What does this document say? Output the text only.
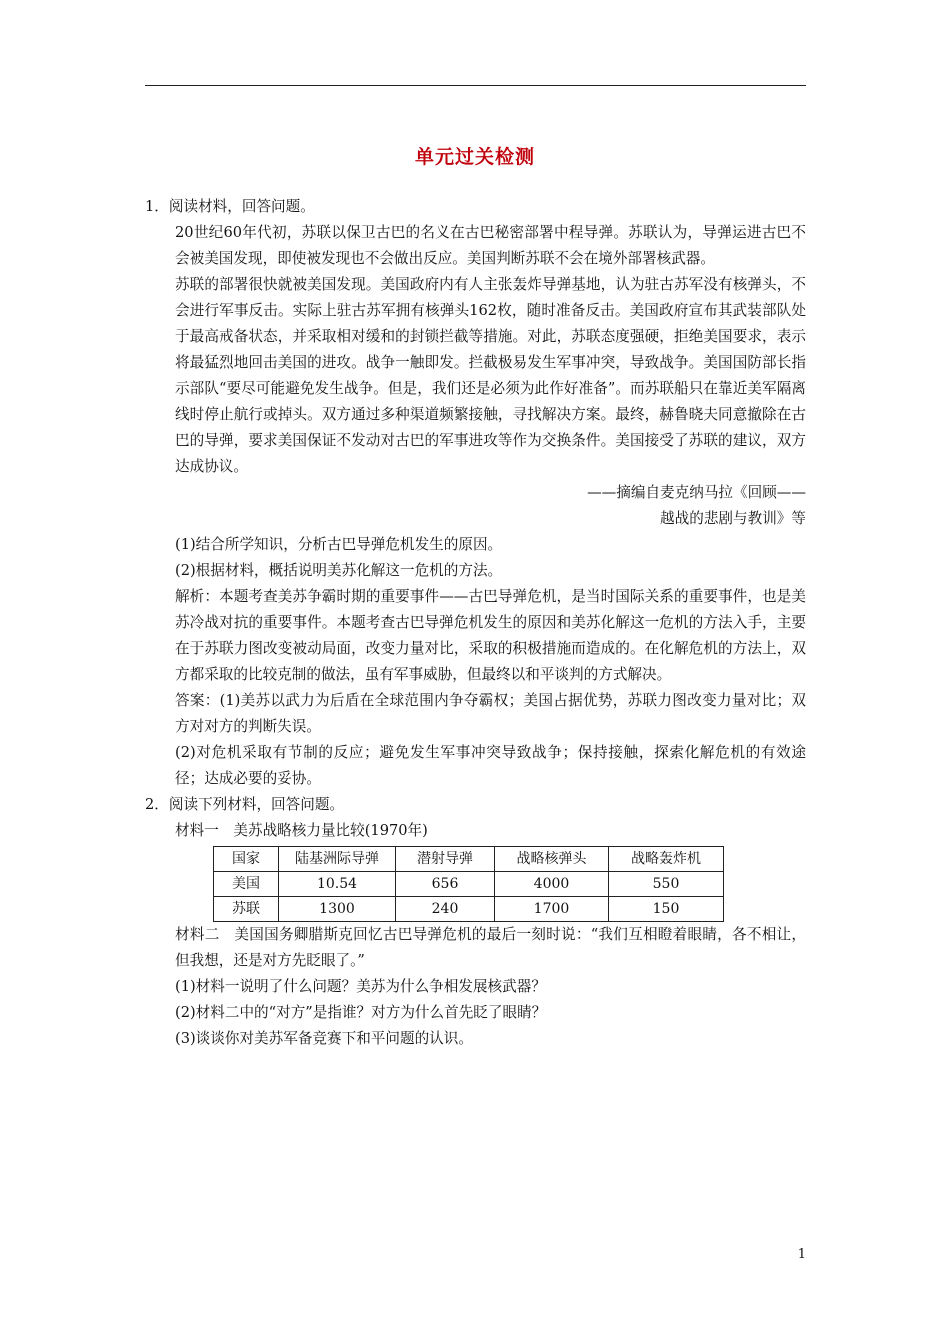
单元过关检测

1．阅读材料，回答问题。

20世纪60年代初，苏联以保卫古巴的名义在古巴秘密部署中程导弹。苏联认为，导弹运进古巴不会被美国发现，即使被发现也不会做出反应。美国判断苏联不会在境外部署核武器。

苏联的部署很快就被美国发现。美国政府内有人主张轰炸导弹基地，认为驻古苏军没有核弹头，不会进行军事反击。实际上驻古苏军拥有核弹头162枚，随时准备反击。美国政府宣布其武装部队处于最高戒备状态，并采取相对缓和的封锁拦截等措施。对此，苏联态度强硬，拒绝美国要求，表示将最猛烈地回击美国的进攻。战争一触即发。拦截极易发生军事冲突，导致战争。美国国防部长指示部队“要尽可能避免发生战争。但是，我们还是必须为此作好准备”。而苏联船只在靠近美军隔离线时停止航行或掉头。双方通过多种渠道频繁接触，寻找解决方案。最终，赫鲁晓夫同意撤除在古巴的导弹，要求美国保证不发动对古巴的军事进攻等作为交换条件。美国接受了苏联的建议，双方达成协议。

——摘编自麦克纳马拉《回顾——

越战的悲剧与教训》等

(1)结合所学知识，分析古巴导弹危机发生的原因。

(2)根据材料，概括说明美苏化解这一危机的方法。

解析：本题考查美苏争霸时期的重要事件——古巴导弹危机，是当时国际关系的重要事件，也是美苏冷战对抗的重要事件。本题考查古巴导弹危机发生的原因和美苏化解这一危机的方法入手，主要在于苏联力图改变被动局面，改变力量对比，采取的积极措施而造成的。在化解危机的方法上，双方都采取的比较克制的做法，虽有军事威胁，但最终以和平谈判的方式解决。

答案：(1)美苏以武力为后盾在全球范围内争夺霸权；美国占据优势，苏联力图改变力量对比；双方对对方的判断失误。

(2)对危机采取有节制的反应；避免发生军事冲突导致战争；保持接触，探索化解危机的有效途径；达成必要的妥协。

2．阅读下列材料，回答问题。

材料一　美苏战略核力量比较(1970年)

国家	陆基洲际导弹	潜射导弹	战略核弹头	战略轰炸机
美国	10.54	656	4000	550
苏联	1300	240	1700	150

材料二　美国国务卿腊斯克回忆古巴导弹危机的最后一刻时说：“我们互相瞪着眼睛，各不相让，但我想，还是对方先眨眼了。”

(1)材料一说明了什么问题？美苏为什么争相发展核武器？

(2)材料二中的“对方”是指谁？对方为什么首先眨了眼睛？

(3)谈谈你对美苏军备竞赛下和平问题的认识。

1
